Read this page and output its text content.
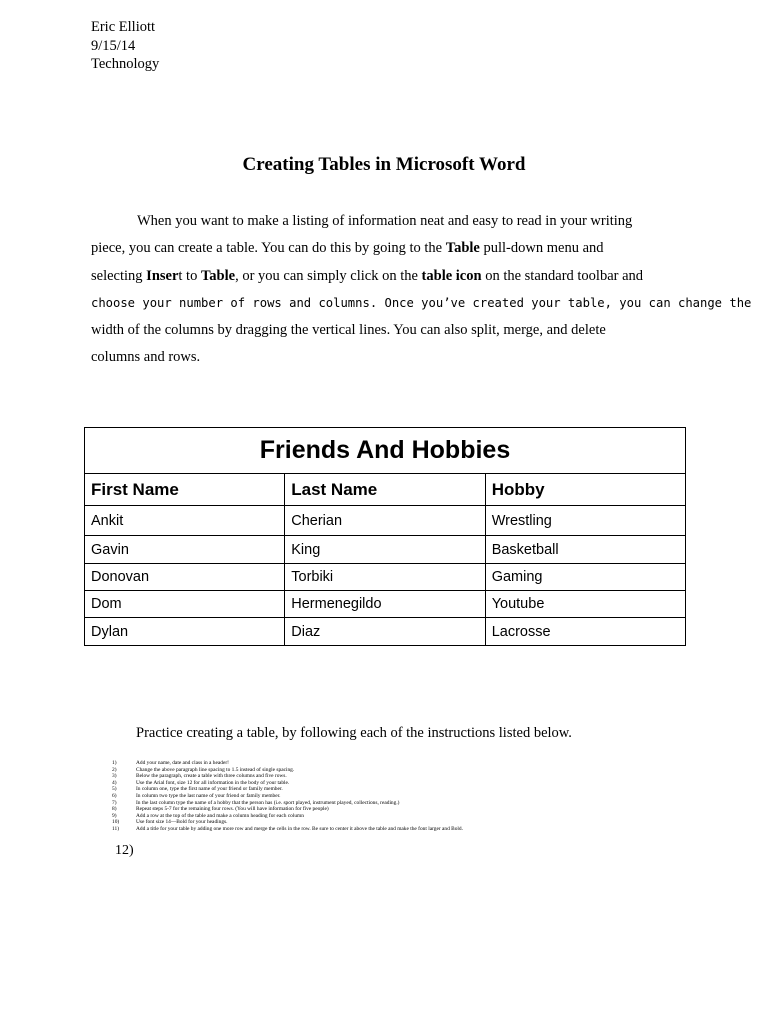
Eric Elliott
9/15/14
Technology
Creating Tables in Microsoft Word
When you want to make a listing of information neat and easy to read in your writing
piece, you can create a table. You can do this by going to the Table pull-down menu and
selecting Insert to Table, or you can simply click on the table icon on the standard toolbar and
choose your number of rows and columns. Once you’ve created your table, you can change the
width of the columns by dragging the vertical lines. You can also split, merge, and delete
columns and rows.
Friends And Hobbies		
First Name	Last Name	Hobby
Ankit	Cherian	Wrestling
Gavin	King	Basketball
Donovan	Torbiki	Gaming
Dom	Hermenegildo	Youtube
Dylan	Diaz	Lacrosse
Practice creating a table, by following each of the instructions listed below.
1)	Add your name, date and class in a header!
2)	Change the above paragraph line spacing to 1.5 instead of single spacing.
3)	Below the paragraph, create a table with three columns and five rows.
4)	Use the Arial font, size 12 for all information in the body of your table.
5)	In column one, type the first name of your friend or family member.
6)	In column two type the last name of your friend or family member.
7)	In the last column type the name of a hobby that the person has (i.e. sport played, instrument played, collections, reading.)
8)	Repeat steps 5-7 for the remaining four rows. (You will have information for five people)
9)	Add a row at the top of the table and make a column heading for each column
10)	Use font size 14—Bold for your headings.
11)	Add a title for your table by adding one more row and merge the cells in the row. Be sure to center it above the table and make the font larger and Bold.
12)
